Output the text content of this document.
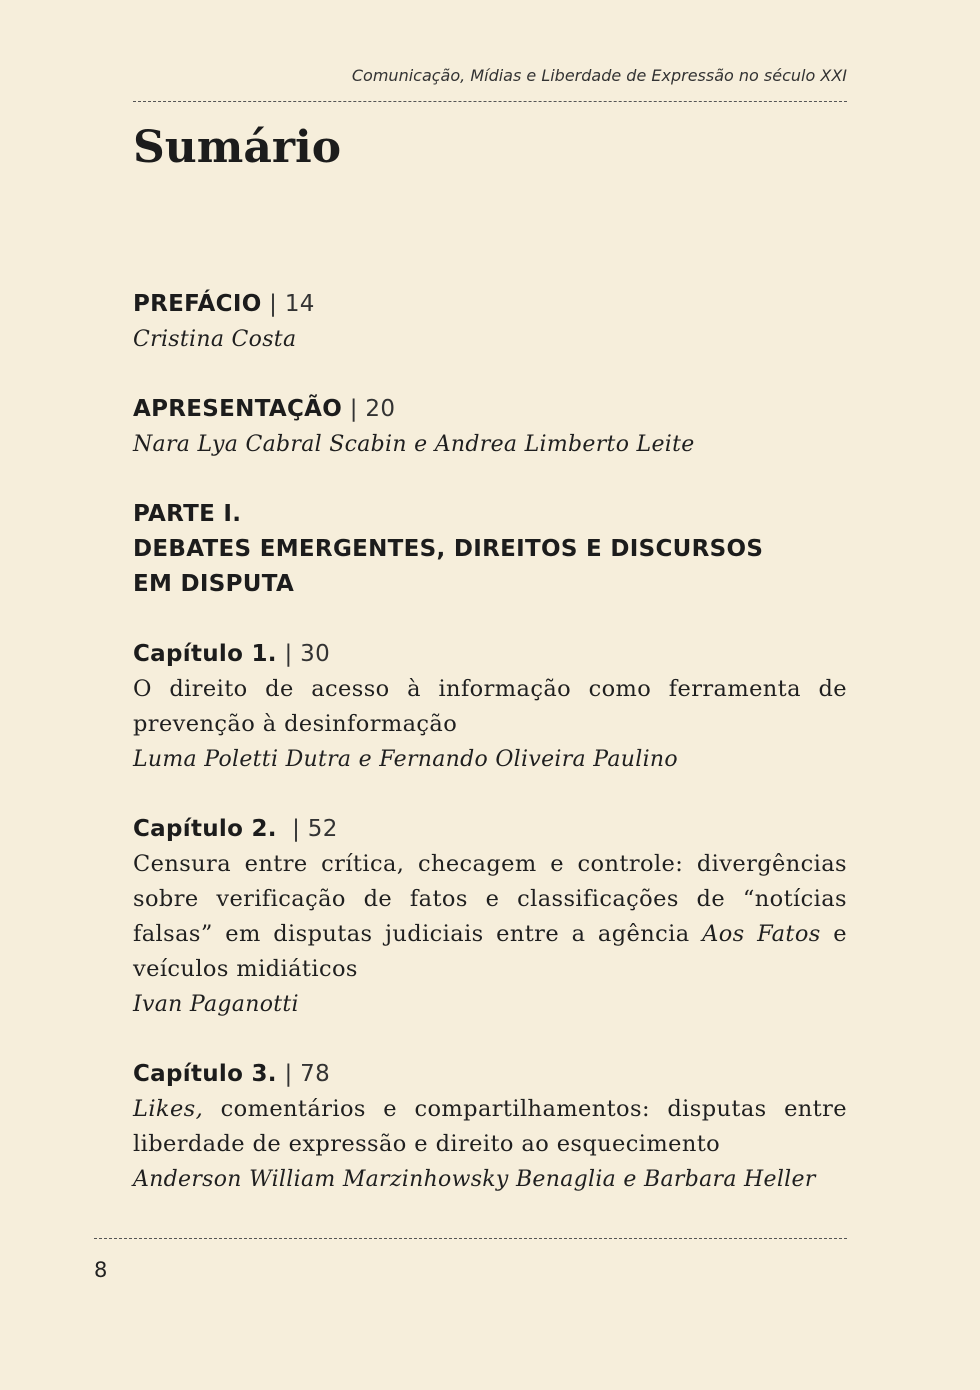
Comunicação, Mídias e Liberdade de Expressão no século XXI
Sumário
PREFÁCIO | 14
Cristina Costa
APRESENTAÇÃO | 20
Nara Lya Cabral Scabin e Andrea Limberto Leite
PARTE I.
DEBATES EMERGENTES, DIREITOS E DISCURSOS
EM DISPUTA
Capítulo 1. | 30
O direito de acesso à informação como ferramenta de prevenção à desinformação
Luma Poletti Dutra e Fernando Oliveira Paulino
Capítulo 2.  | 52
Censura entre crítica, checagem e controle: divergências sobre verificação de fatos e classificações de “notícias falsas” em disputas judiciais entre a agência Aos Fatos e veículos midiáticos
Ivan Paganotti
Capítulo 3. | 78
Likes, comentários e compartilhamentos: disputas entre liberdade de expressão e direito ao esquecimento
Anderson William Marzinhowsky Benaglia e Barbara Heller
8
